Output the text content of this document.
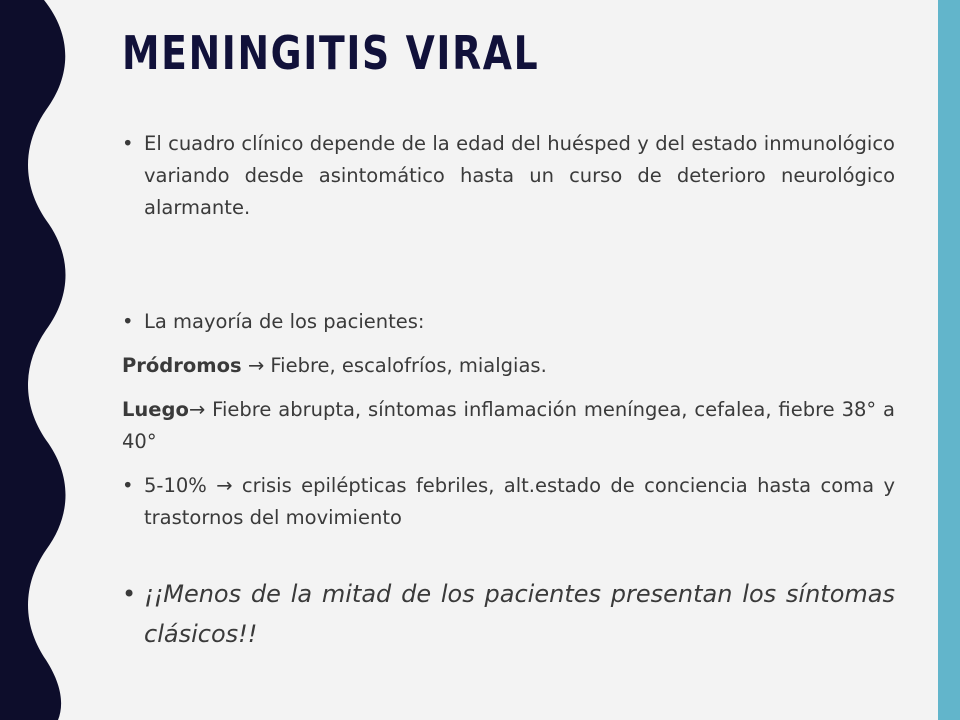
MENINGITIS VIRAL

• El cuadro clínico depende de la edad del huésped y del estado inmunológico variando desde asintomático hasta un curso de deterioro neurológico alarmante.

• La mayoría de los pacientes:

Pródromos → Fiebre, escalofríos, mialgias.

Luego→ Fiebre abrupta, síntomas inflamación meníngea, cefalea, fiebre 38° a 40°

• 5-10% → crisis epilépticas febriles, alt.estado de conciencia hasta coma y trastornos del movimiento

• ¡¡Menos de la mitad de los pacientes presentan los síntomas clásicos!!
